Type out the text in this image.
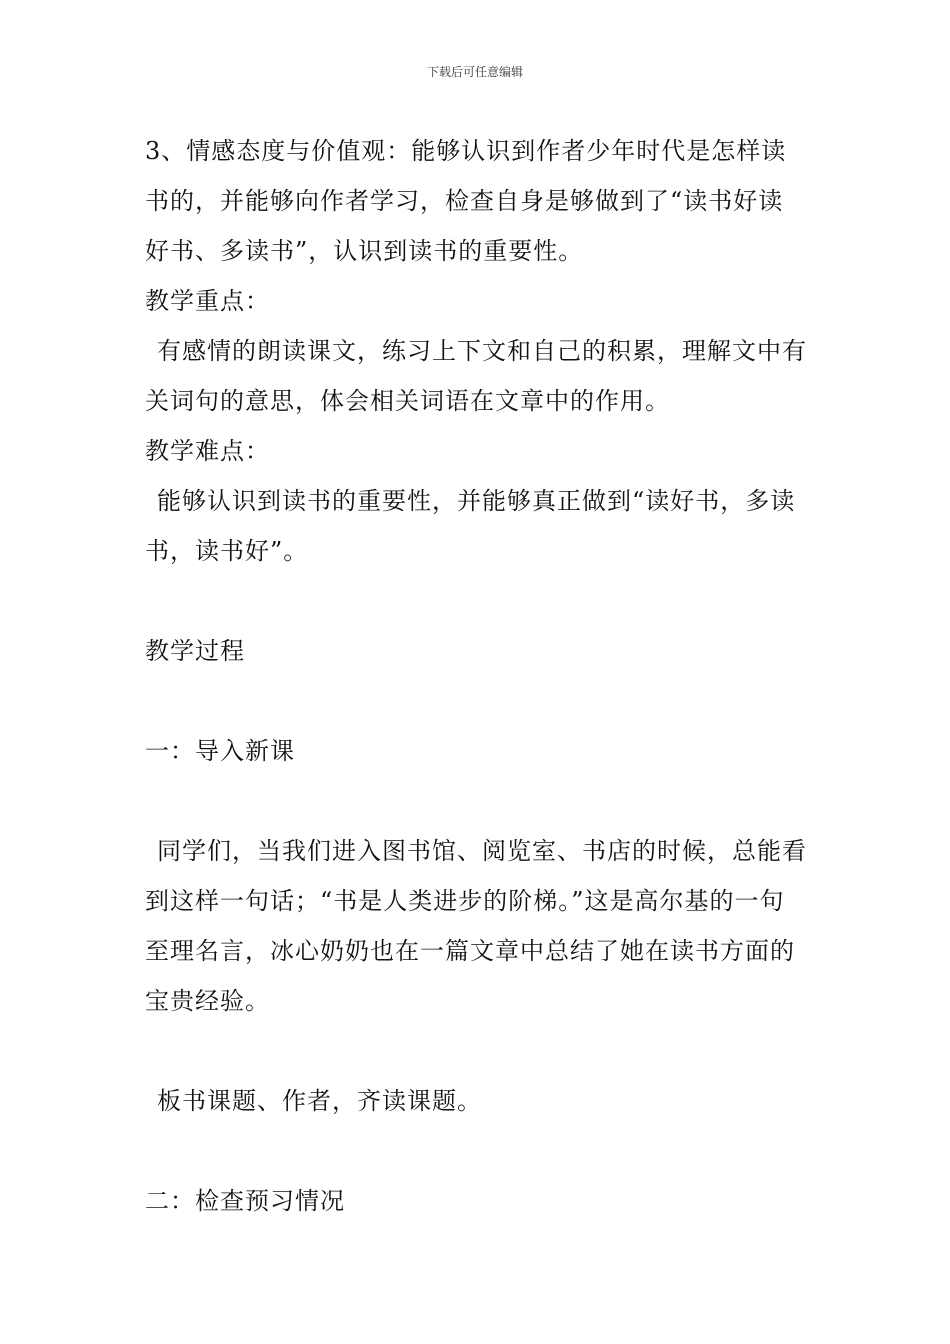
下载后可任意编辑

3、情感态度与价值观：能够认识到作者少年时代是怎样读书的，并能够向作者学习，检查自身是够做到了“读书好读好书、多读书”，认识到读书的重要性。

教学重点：

有感情的朗读课文，练习上下文和自己的积累，理解文中有关词句的意思，体会相关词语在文章中的作用。

教学难点：

能够认识到读书的重要性，并能够真正做到“读好书，多读书，读书好”。

教学过程

一：导入新课

同学们，当我们进入图书馆、阅览室、书店的时候，总能看到这样一句话；“书是人类进步的阶梯。”这是高尔基的一句至理名言，冰心奶奶也在一篇文章中总结了她在读书方面的宝贵经验。

板书课题、作者，齐读课题。

二：检查预习情况
